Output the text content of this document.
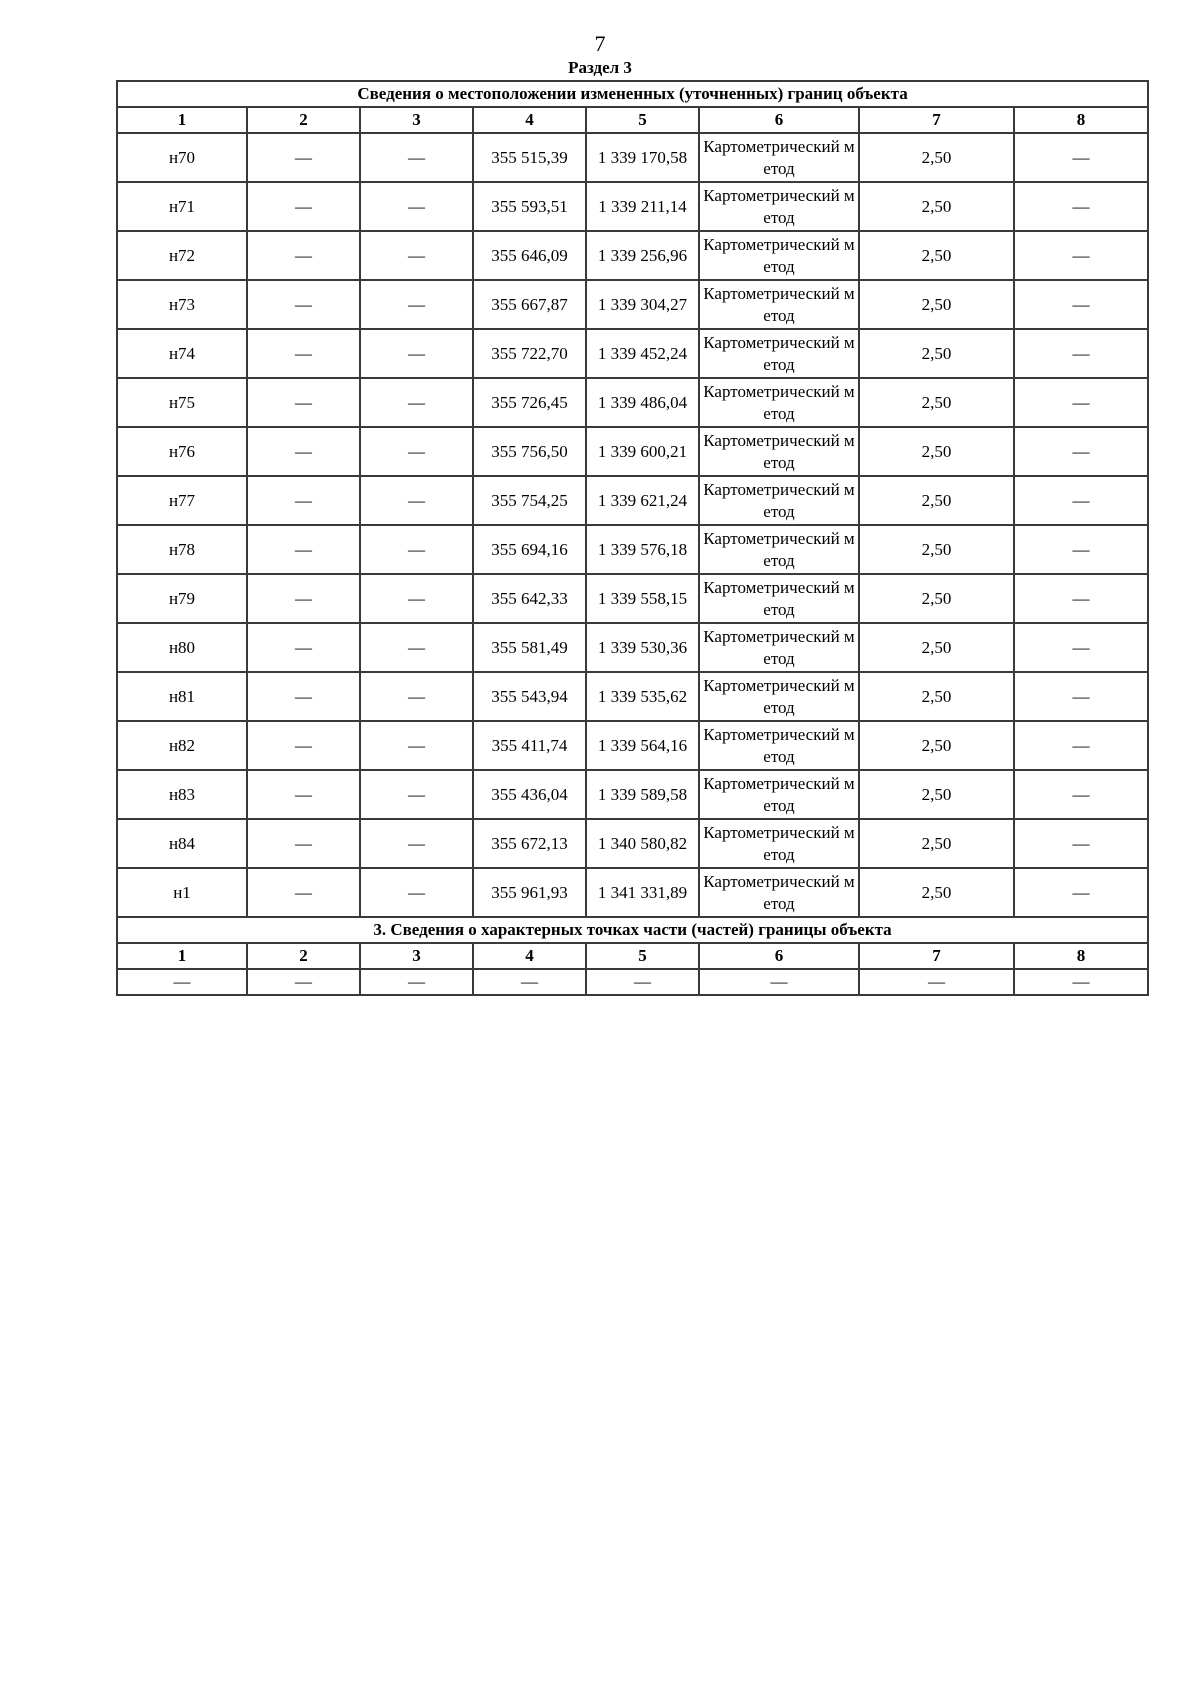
7
Раздел 3
Сведения о местоположении измененных (уточненных) границ объекта							
1	2	3	4	5	6	7	8
н70	—	—	355 515,39	1 339 170,58	Картометрический метод	2,50	—
н71	—	—	355 593,51	1 339 211,14	Картометрический метод	2,50	—
н72	—	—	355 646,09	1 339 256,96	Картометрический метод	2,50	—
н73	—	—	355 667,87	1 339 304,27	Картометрический метод	2,50	—
н74	—	—	355 722,70	1 339 452,24	Картометрический метод	2,50	—
н75	—	—	355 726,45	1 339 486,04	Картометрический метод	2,50	—
н76	—	—	355 756,50	1 339 600,21	Картометрический метод	2,50	—
н77	—	—	355 754,25	1 339 621,24	Картометрический метод	2,50	—
н78	—	—	355 694,16	1 339 576,18	Картометрический метод	2,50	—
н79	—	—	355 642,33	1 339 558,15	Картометрический метод	2,50	—
н80	—	—	355 581,49	1 339 530,36	Картометрический метод	2,50	—
н81	—	—	355 543,94	1 339 535,62	Картометрический метод	2,50	—
н82	—	—	355 411,74	1 339 564,16	Картометрический метод	2,50	—
н83	—	—	355 436,04	1 339 589,58	Картометрический метод	2,50	—
н84	—	—	355 672,13	1 340 580,82	Картометрический метод	2,50	—
н1	—	—	355 961,93	1 341 331,89	Картометрический метод	2,50	—
3. Сведения о характерных точках части (частей) границы объекта							
1	2	3	4	5	6	7	8
—	—	—	—	—	—	—	—
